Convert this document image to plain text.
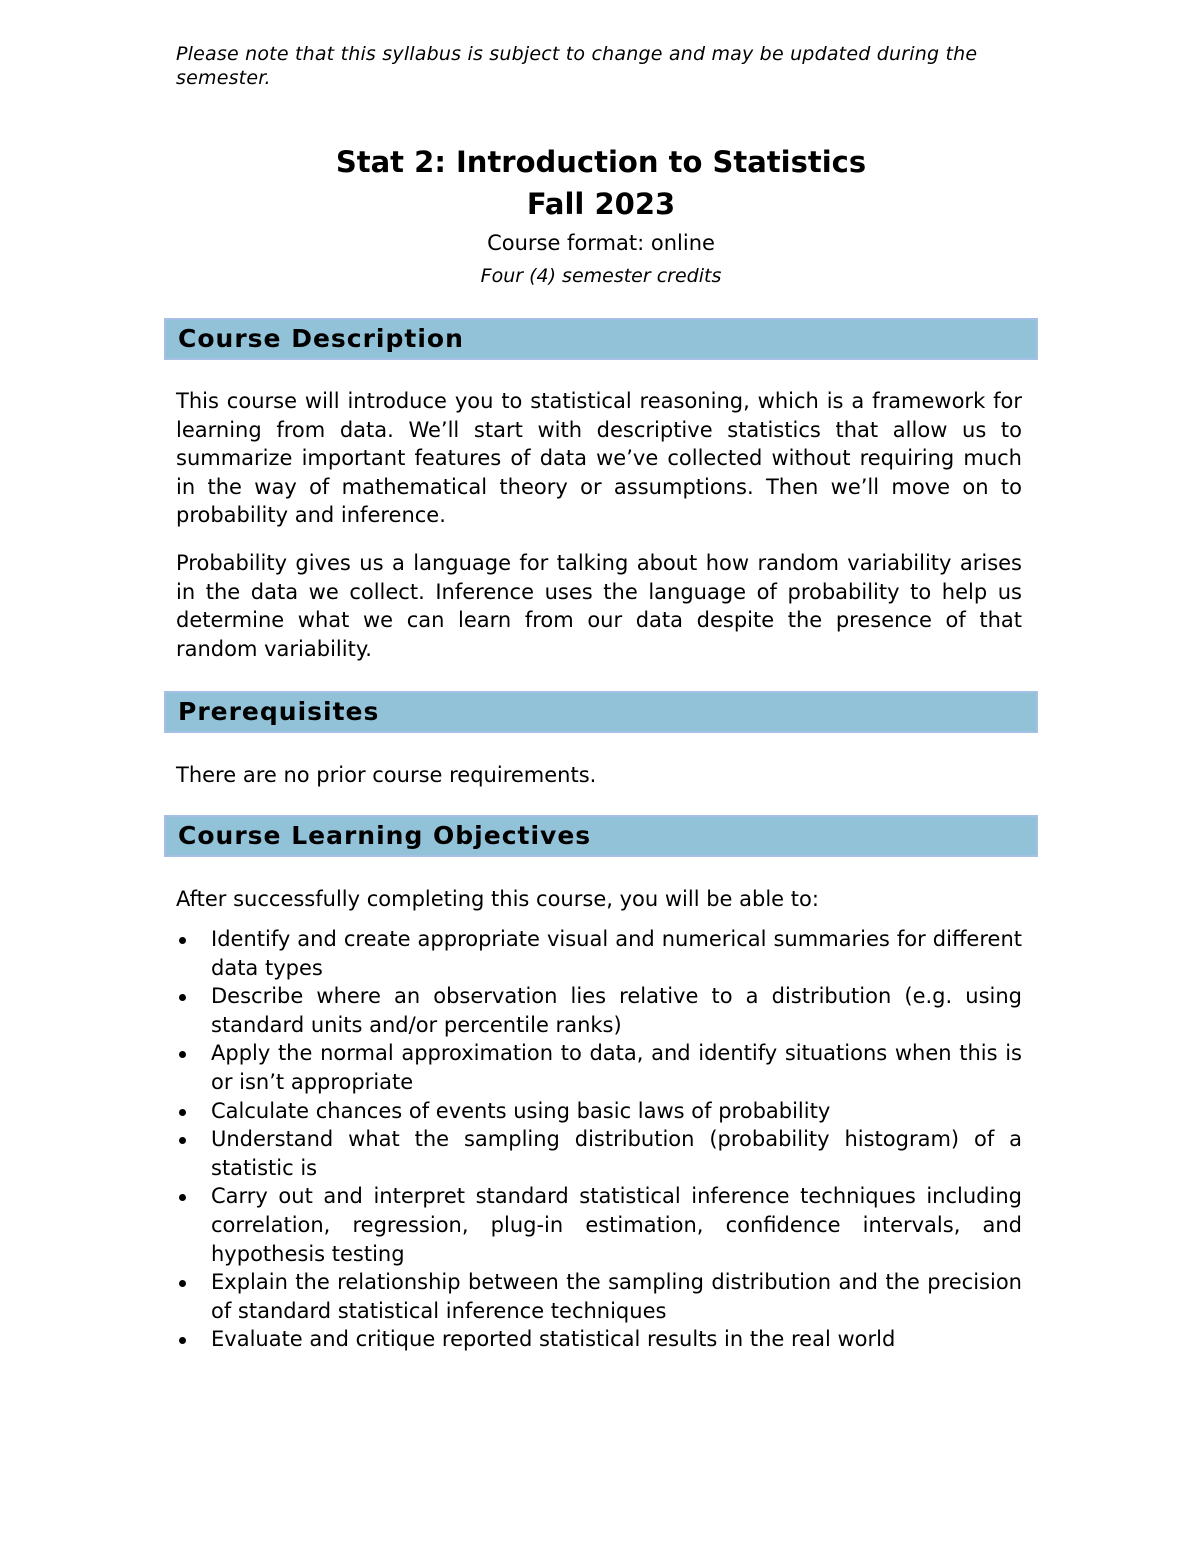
Please note that this syllabus is subject to change and may be updated during the semester.
Stat 2: Introduction to Statistics
Fall 2023
Course format: online
Four (4) semester credits
Course Description
This course will introduce you to statistical reasoning, which is a framework for learning from data. We’ll start with descriptive statistics that allow us to summarize important features of data we’ve collected without requiring much in the way of mathematical theory or assumptions. Then we’ll move on to probability and inference.
Probability gives us a language for talking about how random variability arises in the data we collect. Inference uses the language of probability to help us determine what we can learn from our data despite the presence of that random variability.
Prerequisites
There are no prior course requirements.
Course Learning Objectives
After successfully completing this course, you will be able to:
Identify and create appropriate visual and numerical summaries for different data types
Describe where an observation lies relative to a distribution (e.g. using standard units and/or percentile ranks)
Apply the normal approximation to data, and identify situations when this is or isn’t appropriate
Calculate chances of events using basic laws of probability
Understand what the sampling distribution (probability histogram) of a statistic is
Carry out and interpret standard statistical inference techniques including correlation, regression, plug-in estimation, confidence intervals, and hypothesis testing
Explain the relationship between the sampling distribution and the precision of standard statistical inference techniques
Evaluate and critique reported statistical results in the real world
